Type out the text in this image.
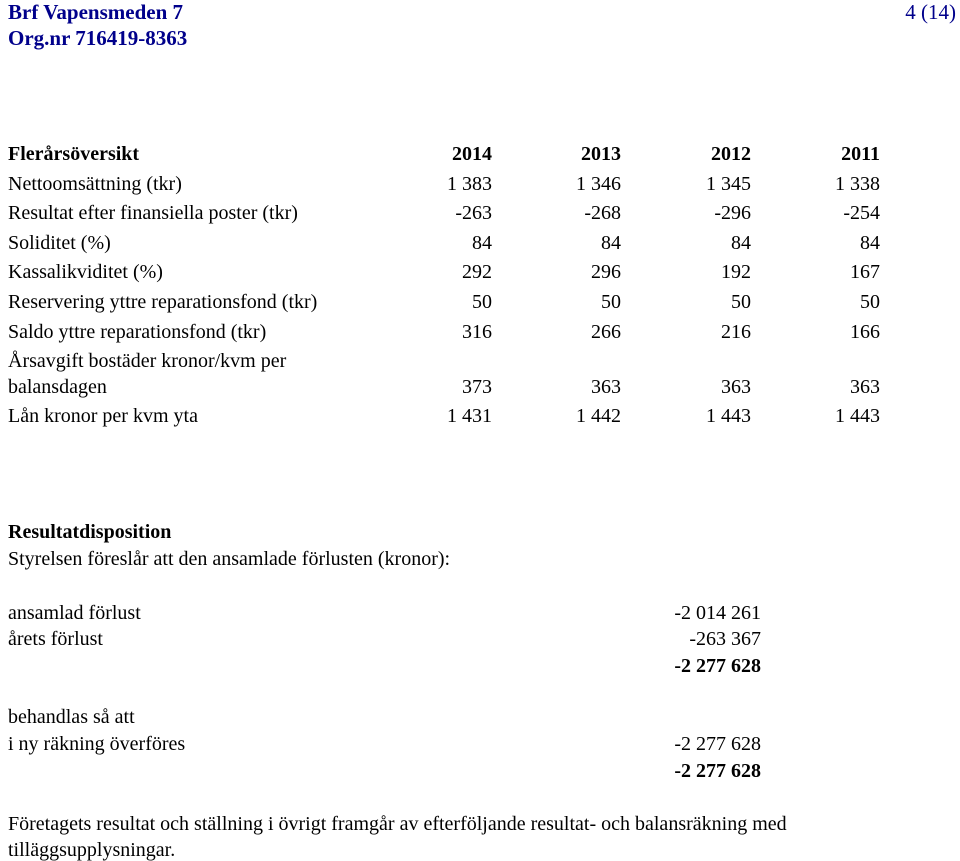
Brf Vapensmeden 7
Org.nr 716419-8363
4 (14)
Flerårsöversikt	2014	2013	2012	2011
Nettoomsättning (tkr)	1 383	1 346	1 345	1 338
Resultat efter finansiella poster (tkr)	-263	-268	-296	-254
Soliditet (%)	84	84	84	84
Kassalikviditet (%)	292	296	192	167
Reservering yttre reparationsfond (tkr)	50	50	50	50
Saldo yttre reparationsfond (tkr)	316	266	216	166
Årsavgift bostäder kronor/kvm per
balansdagen	373	363	363	363
Lån kronor per kvm yta	1 431	1 442	1 443	1 443
Resultatdisposition
Styrelsen föreslår att den ansamlade förlusten (kronor):
ansamlad förlust	-2 014 261
årets förlust	-263 367
-2 277 628
behandlas så att
i ny räkning överföres	-2 277 628
-2 277 628
Företagets resultat och ställning i övrigt framgår av efterföljande resultat- och balansräkning med
tilläggsupplysningar.
